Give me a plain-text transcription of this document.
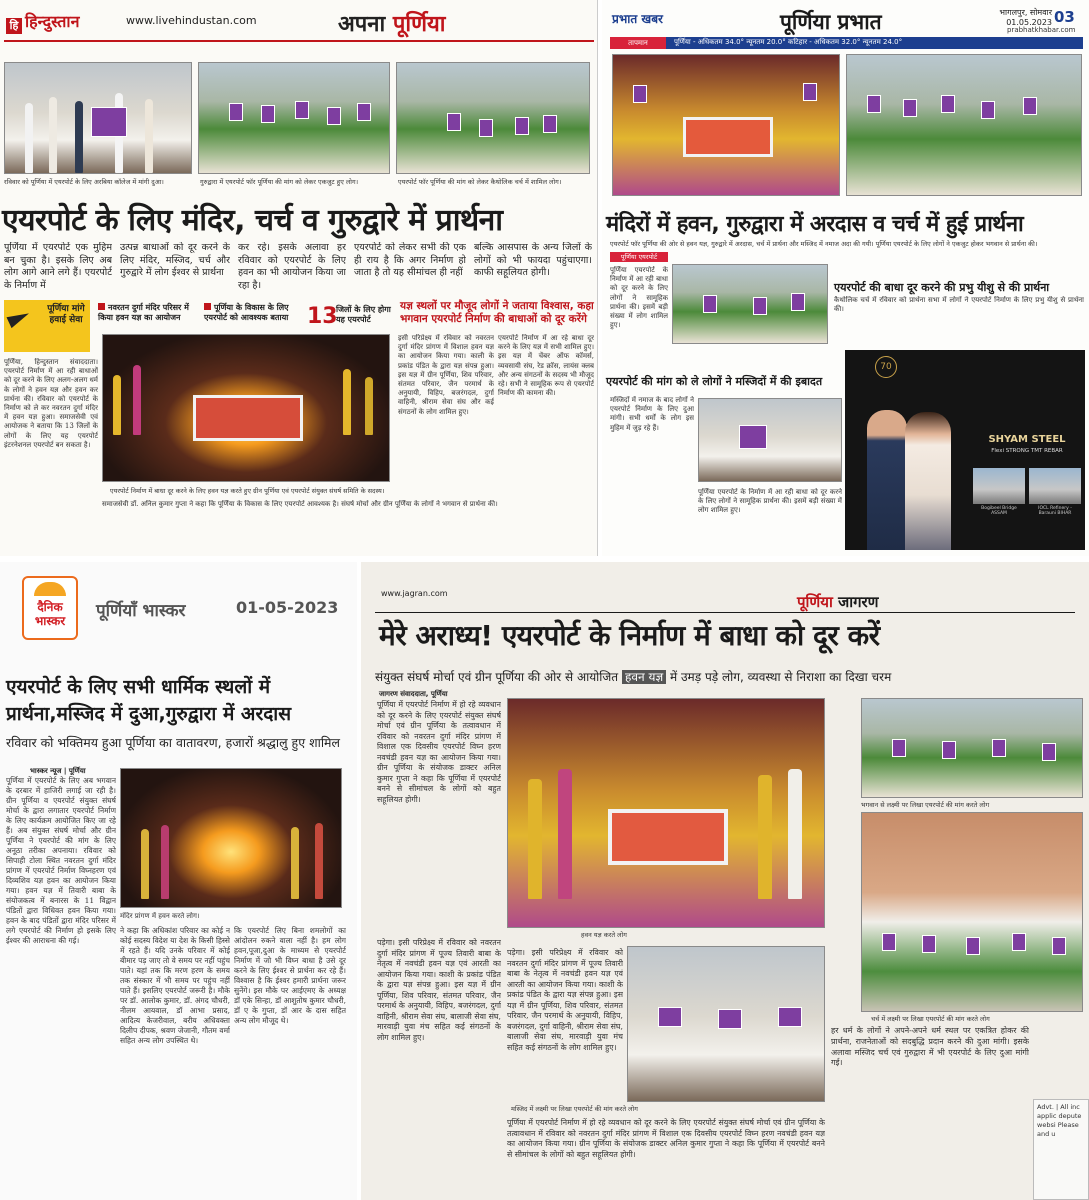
हि हिन्दुस्तान	www.livehindustan.com	अपना पूर्णिया
रविवार को पूर्णिया में एयरपोर्ट के लिए अरबिया कॉलेज में मांगी दुआ।	गुरुद्वारा में एयरपोर्ट फॉर पूर्णिया की मांग को लेकर एकजुट हुए लोग।	एयरपोर्ट फॉर पूर्णिया की मांग को लेकर कैथोलिक चर्च में शामिल लोग।
एयरपोर्ट के लिए मंदिर, चर्च व गुरुद्वारे में प्रार्थना
पूर्णिया में एयरपोर्ट एक मुहिम बन चुका है। इसके लिए अब लोग आगे आने लगे हैं। एयरपोर्ट के निर्माण में
उत्पन्न बाधाओं को दूर करने के लिए मंदिर, मस्जिद, चर्च और गुरुद्वारे में लोग ईश्वर से प्रार्थना
कर रहे। इसके अलावा हर रविवार को एयरपोर्ट के लिए हवन का भी आयोजन किया जा रहा है।
एयरपोर्ट को लेकर सभी की एक ही राय है कि अगर निर्माण हो जाता है तो यह सीमांचल ही नहीं
बल्कि आसपास के अन्य जिलों के लोगों को भी फायदा पहुंचाएगा। काफी सहूलियत होगी।
पूर्णिया मांगे हवाई सेवा
नवरतन दुर्गा मंदिर परिसर में किया हवन यज्ञ का आयोजन
पूर्णिया के विकास के लिए एयरपोर्ट को आवश्यक बताया 13
जिलों के लिए होगा यह एयरपोर्ट
यज्ञ स्थलों पर मौजूद लोगों ने जताया विश्वास, कहा भगवान एयरपोर्ट निर्माण की बाधाओं को दूर करेंगे
पूर्णिया, हिन्दुस्तान संवाददाता। एयरपोर्ट निर्माण में आ रही बाधाओं को दूर करने के लिए अलग-अलग धर्म के लोगों ने हवन यज्ञ और हवन कर प्रार्थना की। रविवार को एयरपोर्ट के निर्माण को ले कर नवरतन दुर्गा मंदिर में हवन यज्ञ हुआ। समाजसेवी एवं आयोजक ने बताया कि 13 जिलों के लोगों के लिए यह एयरपोर्ट इंटरनेशनल एयरपोर्ट बन सकता है।
एयरपोर्ट निर्माण में बाधा दूर करने के लिए हवन यज्ञ करते हुए ग्रीन पूर्णिया एवं एयरपोर्ट संयुक्त संघर्ष समिति के सदस्य।
इसी परिप्रेक्ष्य में रविवार को नवरतन दुर्गा मंदिर प्रांगण में विशाल हवन यज्ञ का आयोजन किया गया। काली के प्रकांड पंडित के द्वारा यज्ञ संपन्न हुआ। इस यज्ञ में ग्रीन पूर्णिया, शिव परिवार, संतमत परिवार, जैन परमार्थ के अनुयायी, विहिप, बजरंगदल, दुर्गा वाहिनी, श्रीराम सेवा संघ और कई संगठनों के लोग शामिल हुए।
एयरपोर्ट निर्माण में आ रहे बाधा दूर करने के लिए यज्ञ में सभी शामिल हुए। इस यज्ञ में चेंबर ऑफ कॉमर्स, व्यवसायी संघ, रेड क्रॉस, लायंस क्लब और अन्य संगठनों के सदस्य भी मौजूद रहे। सभी ने सामूहिक रूप से एयरपोर्ट निर्माण की कामना की।
समाजसेवी डॉ. अनिल कुमार गुप्ता ने कहा कि पूर्णिया के विकास के लिए एयरपोर्ट आवश्यक है। संघर्ष मोर्चा और ग्रीन पूर्णिया के लोगों ने भगवान से प्रार्थना की।
प्रभात खबर	पूर्णिया प्रभात	भागलपुर, सोमवार
01.05.2023 03
prabhatkhabar.com
तापमान	पूर्णिया - अधिकतम 34.0° न्यूनतम 20.0° कटिहार - अधिकतम 32.0° न्यूनतम 24.0°
मंदिरों में हवन, गुरुद्वारा में अरदास व चर्च में हुई प्रार्थना
एयरपोर्ट फॉर पूर्णिया की ओर से हवन यज्ञ, गुरुद्वारे में अरदास, चर्च में प्रार्थना और मस्जिद में नमाज अदा की गयी। पूर्णिया एयरपोर्ट के लिए लोगों ने एकजुट होकर भगवान से प्रार्थना की।
पूर्णिया एयरपोर्ट
पूर्णिया एयरपोर्ट के निर्माण में आ रही बाधा को दूर करने के लिए लोगों ने सामूहिक प्रार्थना की। इसमें बड़ी संख्या में लोग शामिल हुए।
एयरपोर्ट की बाधा दूर करने की प्रभु यीशु से की प्रार्थना
कैथोलिक चर्च में रविवार को प्रार्थना सभा में लोगों ने एयरपोर्ट निर्माण के लिए प्रभु यीशु से प्रार्थना की।
एयरपोर्ट की मांग को ले लोगों ने मस्जिदों में की इबादत
मस्जिदों में नमाज के बाद लोगों ने एयरपोर्ट निर्माण के लिए दुआ मांगी। सभी धर्मों के लोग इस मुहिम में जुड़ रहे हैं।
पूर्णिया एयरपोर्ट के निर्माण में आ रही बाधा को दूर करने के लिए लोगों ने सामूहिक प्रार्थना की। इसमें बड़ी संख्या में लोग शामिल हुए।
70
SHYAM STEEL
Flexi STRONG TMT REBAR
Bogibeel Bridge ASSAM
IOCL Refinery - Barauni BIHAR
दैनिक भास्कर	पूर्णियाँ भास्कर	01-05-2023
एयरपोर्ट के लिए सभी धार्मिक स्थलों में प्रार्थना,मस्जिद में दुआ,गुरुद्वारा में अरदास
रविवार को भक्तिमय हुआ पूर्णिया का वातावरण, हजारों श्रद्धालु हुए शामिल
भास्कर न्यूज | पूर्णिया
पूर्णिया में एयरपोर्ट के लिए अब भगवान के दरबार में हाजिरी लगाई जा रही है। ग्रीन पूर्णिया व एयरपोर्ट संयुक्त संघर्ष मोर्चा के द्वारा लगातार एयरपोर्ट निर्माण के लिए कार्यक्रम आयोजित किए जा रहे हैं। अब संयुक्त संघर्ष मोर्चा और ग्रीन पूर्णिया ने एयरपोर्ट की मांग के लिए अनूठा तरीका अपनाया। रविवार को सिपाही टोला स्थित नवरतन दुर्गा मंदिर प्रांगण में एयरपोर्ट निर्माण विघ्नहरण एवं दिव्यशिव यज्ञ हवन का आयोजन किया गया। हवन यज्ञ में तिवारी बाबा के संयोजकत्व में बनारस के 11 विद्वान पंडितों द्वारा विधिवत हवन किया गया। हवन के बाद पंडितों द्वारा मंदिर परिसर में लगे एयरपोर्ट की निर्माण हो इसके लिए ईश्वर की आराधना की गई।
मंदिर प्रांगण में हवन करते लोग।
ने कहा कि अधिकांश परिवार का कोई न कोई सदस्य विदेश या देश के किसी हिस्से में रहते हैं। यदि उनके परिवार में कोई बीमार पड़ जाए तो वे समय पर नहीं पहुंच पाते। यहां तक कि मरण हरण के समय तक संस्कार में भी समय पर पहुंच नहीं पाते हैं। इसलिए एयरपोर्ट जरूरी है। मौके पर डॉ. आलोक कुमार, डॉ. अंगद चौधरी, नीलम आयवाल, डॉ आभा प्रसाद, आदित्य केजरीवाल, बरीय अधिवक्ता दिलीप दीपक, श्रवण जेजानी, गौतम वर्मा सहित अन्य लोग उपस्थित थे।
कि एयरपोर्ट लिए बिना शमलोगों का आंदोलन रुकने वाला नहीं है। हम लोग हवन,पूजा,दुआ के माध्यम से एयरपोर्ट निर्माण में जो भी विघ्न बाधा है उसे दूर करने के लिए ईश्वर से प्रार्थना कर रहे हैं। विश्वास है कि ईश्वर हमारी प्रार्थना जरूर सुनेंगे। इस मौके पर आईएमए के अध्यक्ष डॉ एके सिन्हा, डॉ आशुतोष कुमार चौधरी, डॉ ए के गुप्ता, डॉ आर के दास सहित अन्य लोग मौजूद थे।
www.jagran.com	पूर्णिया जागरण
मेरे अराध्य! एयरपोर्ट के निर्माण में बाधा को दूर करें
संयुक्त संघर्ष मोर्चा एवं ग्रीन पूर्णिया की ओर से आयोजित हवन यज्ञ में उमड़ पड़े लोग, व्यवस्था से निराशा का दिखा चरम
जागरण संवाददाता, पूर्णिया
पूर्णिया में एयरपोर्ट निर्माण में हो रहे व्यवधान को दूर करने के लिए एयरपोर्ट संयुक्त संघर्ष मोर्चा एवं ग्रीन पूर्णिया के तत्वावधान में रविवार को नवरतन दुर्गा मंदिर प्रांगण में विशाल एक दिवसीय एयरपोर्ट विघ्न हरण नवचंडी हवन यज्ञ का आयोजन किया गया। ग्रीन पूर्णिया के संयोजक डाक्टर अनिल कुमार गुप्ता ने कहा कि पूर्णिया में एयरपोर्ट बनने से सीमांचल के लोगों को बहुत सहूलियत होगी।
हवन यज्ञ करते लोग
भगवान से लक्ष्मी पर लिखा एयरपोर्ट की मांग करते लोग
चर्च में लक्ष्मी पर लिखा एयरपोर्ट की मांग करते लोग
पड़ेगा। इसी परिप्रेक्ष्य में रविवार को नवरतन दुर्गा मंदिर प्रांगण में पूज्य तिवारी बाबा के नेतृत्व में नवचंडी हवन यज्ञ एवं आरती का आयोजन किया गया। काशी के प्रकांड पंडित के द्वारा यज्ञ संपन्न हुआ। इस यज्ञ में ग्रीन पूर्णिया, शिव परिवार, संतमत परिवार, जैन परमार्थ के अनुयायी, विहिप, बजरंगदल, दुर्गा वाहिनी, श्रीराम सेवा संघ, बालाजी सेवा संघ, मारवाड़ी युवा मंच सहित कई संगठनों के लोग शामिल हुए।
मस्जिद में लक्ष्मी पर लिखा एयरपोर्ट की मांग करते लोग
पड़ेगा। इसी परिप्रेक्ष्य में रविवार को नवरतन दुर्गा मंदिर प्रांगण में पूज्य तिवारी बाबा के नेतृत्व में नवचंडी हवन यज्ञ एवं आरती का आयोजन किया गया। काशी के प्रकांड पंडित के द्वारा यज्ञ संपन्न हुआ। इस यज्ञ में ग्रीन पूर्णिया, शिव परिवार, संतमत परिवार, जैन परमार्थ के अनुयायी, विहिप, बजरंगदल, दुर्गा वाहिनी, श्रीराम सेवा संघ, बालाजी सेवा संघ, मारवाड़ी युवा मंच सहित कई संगठनों के लोग शामिल हुए।
पूर्णिया में एयरपोर्ट निर्माण में हो रहे व्यवधान को दूर करने के लिए एयरपोर्ट संयुक्त संघर्ष मोर्चा एवं ग्रीन पूर्णिया के तत्वावधान में रविवार को नवरतन दुर्गा मंदिर प्रांगण में विशाल एक दिवसीय एयरपोर्ट विघ्न हरण नवचंडी हवन यज्ञ का आयोजन किया गया। ग्रीन पूर्णिया के संयोजक डाक्टर अनिल कुमार गुप्ता ने कहा कि पूर्णिया में एयरपोर्ट बनने से सीमांचल के लोगों को बहुत सहूलियत होगी।
हर धर्म के लोगों ने अपने-अपने धर्म स्थल पर एकत्रित होकर की प्रार्थना, राजनेताओं को सदबुद्धि प्रदान करने की दुआ मांगी। इसके अलावा मस्जिद चर्च एवं गुरुद्वारा में भी एयरपोर्ट के लिए दुआ मांगी गई।
Advt. | All inc applic depute websi Please and u
